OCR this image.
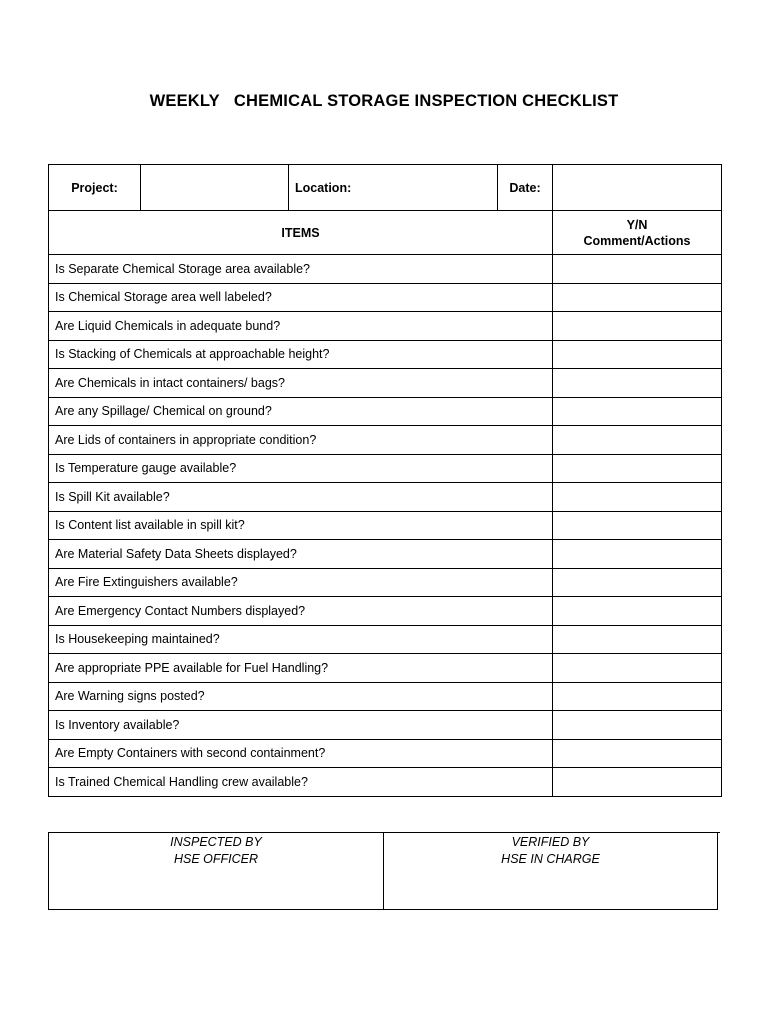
WEEKLY   CHEMICAL STORAGE INSPECTION CHECKLIST
Project:		Location:	Date:	
ITEMS				Y/N
Comment/Actions

Is Separate Chemical Storage area available?				
Is Chemical Storage area well labeled?				
Are Liquid Chemicals in adequate bund?				
Is Stacking of Chemicals at approachable height?				
Are Chemicals in intact containers/ bags?				
Are any Spillage/ Chemical on ground?				
Are Lids of containers in appropriate condition?				
Is Temperature gauge available?				
Is Spill Kit available?				
Is Content list available in spill kit?				
Are Material Safety Data Sheets displayed?				
Are Fire Extinguishers available?				
Are Emergency Contact Numbers displayed?				
Is Housekeeping maintained?				
Are appropriate PPE available for Fuel Handling?				
Are Warning signs posted?				
Is Inventory available?				
Are Empty Containers with second containment?				
Is Trained Chemical Handling crew available?				
INSPECTED BY
HSE OFFICER

VERIFIED BY
HSE IN CHARGE
